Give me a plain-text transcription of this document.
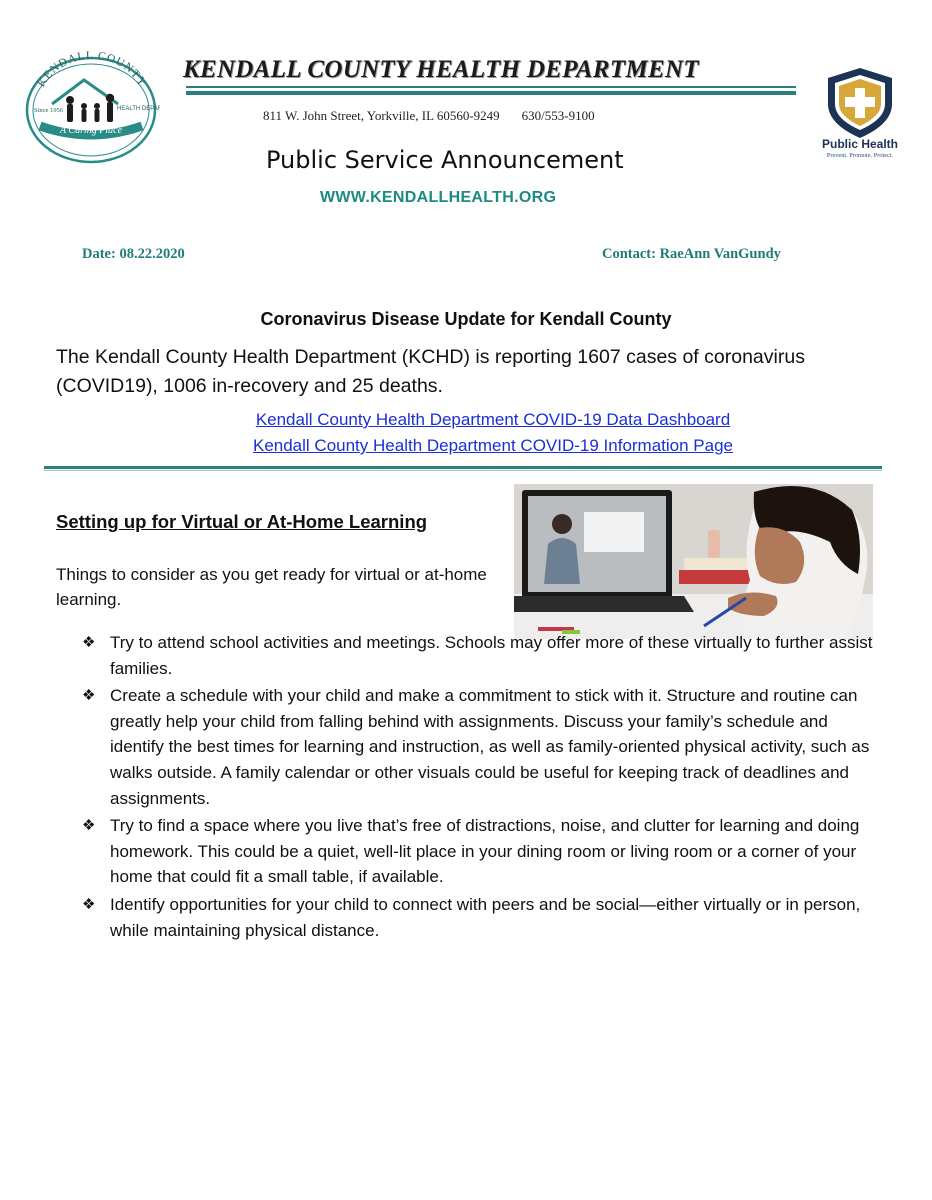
KENDALL COUNTY
Since 1956	HEALTH DEPAR
A Caring Place
KENDALL COUNTY HEALTH DEPARTMENT
811 W. John Street, Yorkville, IL 60560-9249 630/553-9100
Public Health
Prevent. Promote. Protect.
Public Service Announcement
WWW.KENDALLHEALTH.ORG
Date: 08.22.2020	Contact: RaeAnn VanGundy
Coronavirus Disease Update for Kendall County
The Kendall County Health Department (KCHD) is reporting 1607 cases of coronavirus (COVID19), 1006 in-recovery and 25 deaths.
Kendall County Health Department COVID-19 Data Dashboard
Kendall County Health Department COVID-19 Information Page
Setting up for Virtual or At-Home Learning
Things to consider as you get ready for virtual or at-home learning.
❖ Try to attend school activities and meetings. Schools may offer more of these virtually to further assist families.
❖ Create a schedule with your child and make a commitment to stick with it. Structure and routine can greatly help your child from falling behind with assignments. Discuss your family’s schedule and identify the best times for learning and instruction, as well as family-oriented physical activity, such as walks outside. A family calendar or other visuals could be useful for keeping track of deadlines and assignments.
❖ Try to find a space where you live that’s free of distractions, noise, and clutter for learning and doing homework. This could be a quiet, well-lit place in your dining room or living room or a corner of your home that could fit a small table, if available.
❖ Identify opportunities for your child to connect with peers and be social—either virtually or in person, while maintaining physical distance.
